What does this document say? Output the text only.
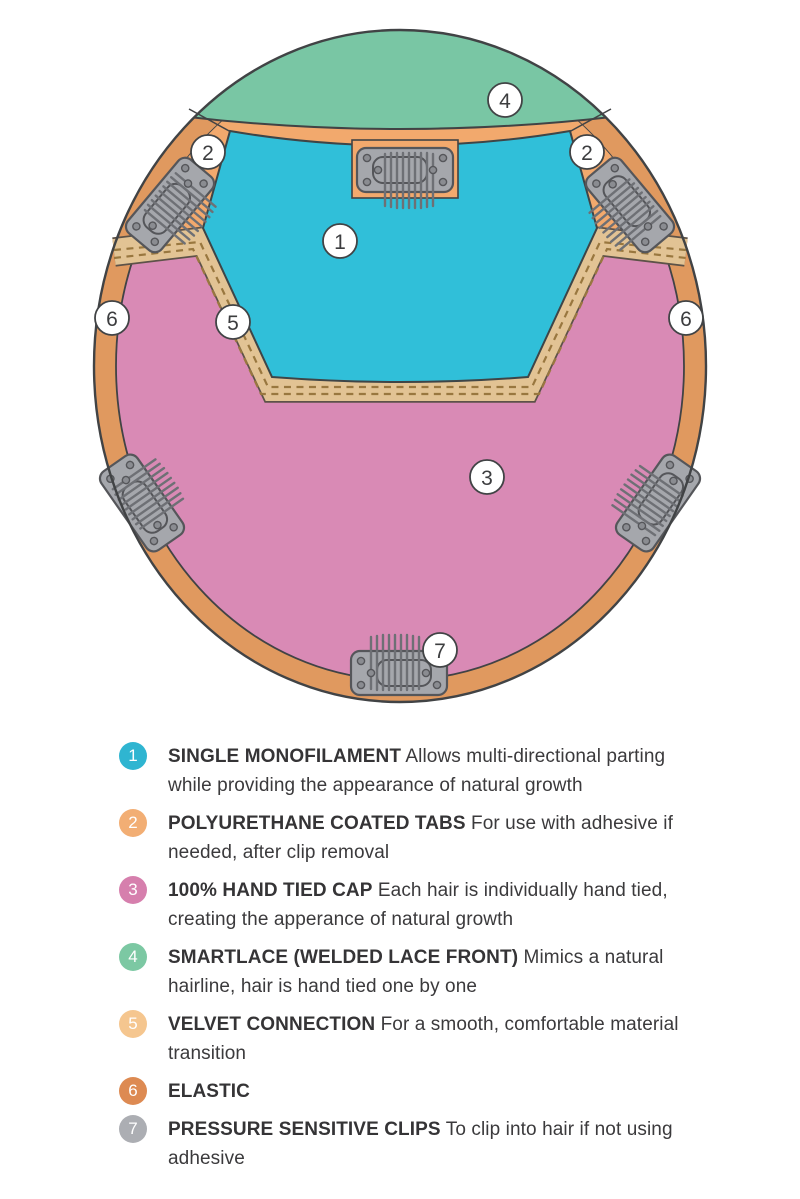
1
2	2
3
4
5
6	6
7
1	SINGLE MONOFILAMENT Allows multi-directional parting while providing the appearance of natural growth
2	POLYURETHANE COATED TABS For use with adhesive if needed, after clip removal
3	100% HAND TIED CAP Each hair is individually hand tied, creating the apperance of natural growth
4	SMARTLACE (WELDED LACE FRONT) Mimics a natural hairline, hair is hand tied one by one
5	VELVET CONNECTION For a smooth, comfortable material transition
6	ELASTIC
7	PRESSURE SENSITIVE CLIPS To clip into hair if not using adhesive
